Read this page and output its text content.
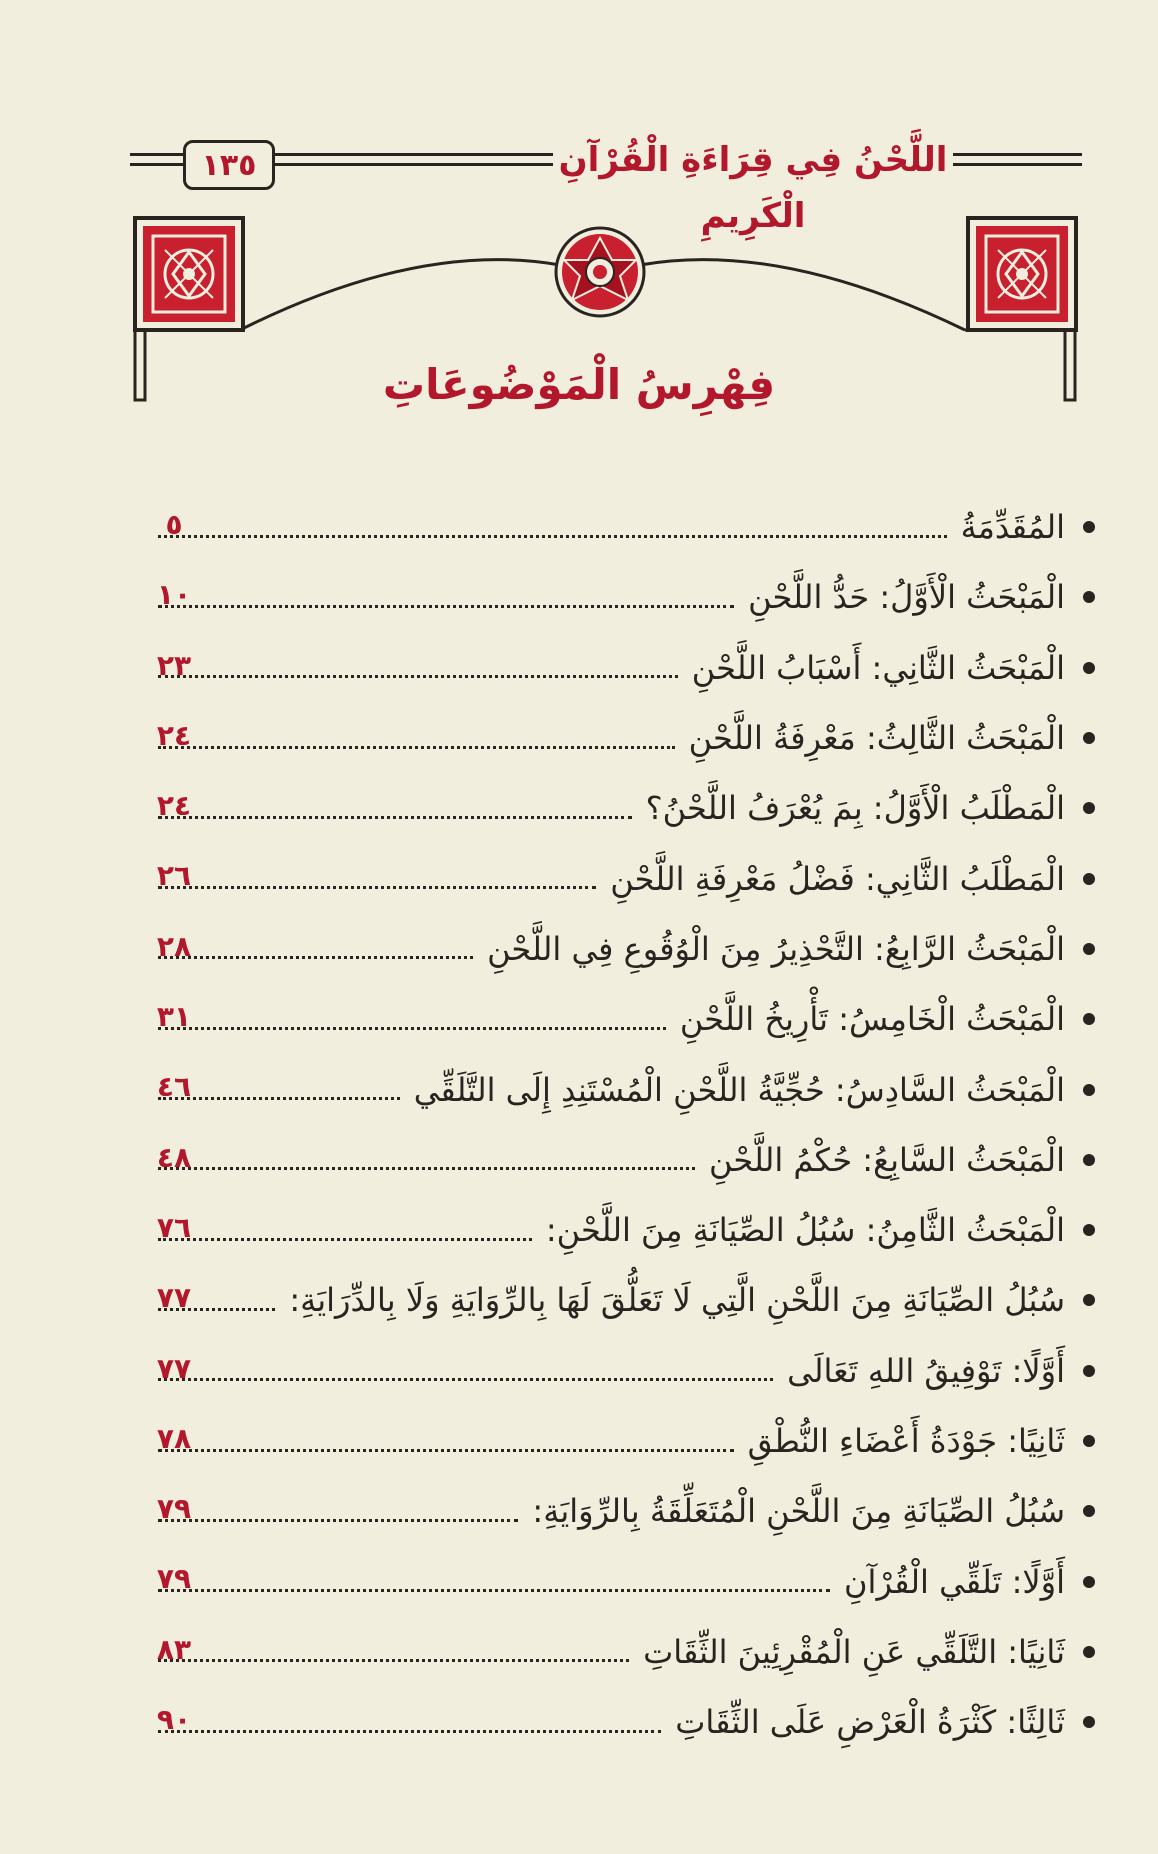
١٣٥	اللَّحْنُ فِي قِرَاءَةِ الْقُرْآنِ الْكَرِيمِ
فِهْرِسُ الْمَوْضُوعَاتِ
المُقَدِّمَةُ
٥
الْمَبْحَثُ الْأَوَّلُ: حَدُّ اللَّحْنِ
١٠
الْمَبْحَثُ الثَّانِي: أَسْبَابُ اللَّحْنِ
٢٣
الْمَبْحَثُ الثَّالِثُ: مَعْرِفَةُ اللَّحْنِ
٢٤
الْمَطْلَبُ الْأَوَّلُ: بِمَ يُعْرَفُ اللَّحْنُ؟
٢٤
الْمَطْلَبُ الثَّانِي: فَضْلُ مَعْرِفَةِ اللَّحْنِ
٢٦
الْمَبْحَثُ الرَّابِعُ: التَّحْذِيرُ مِنَ الْوُقُوعِ فِي اللَّحْنِ
٢٨
الْمَبْحَثُ الْخَامِسُ: تَأْرِيخُ اللَّحْنِ
٣١
الْمَبْحَثُ السَّادِسُ: حُجِّيَّةُ اللَّحْنِ الْمُسْتَنِدِ إِلَى التَّلَقِّي
٤٦
الْمَبْحَثُ السَّابِعُ: حُكْمُ اللَّحْنِ
٤٨
الْمَبْحَثُ الثَّامِنُ: سُبُلُ الصِّيَانَةِ مِنَ اللَّحْنِ:
٧٦
سُبُلُ الصِّيَانَةِ مِنَ اللَّحْنِ الَّتِي لَا تَعَلُّقَ لَهَا بِالرِّوَايَةِ وَلَا بِالدِّرَايَةِ:
٧٧
أَوَّلًا: تَوْفِيقُ اللهِ تَعَالَى
٧٧
ثَانِيًا: جَوْدَةُ أَعْضَاءِ النُّطْقِ
٧٨
سُبُلُ الصِّيَانَةِ مِنَ اللَّحْنِ الْمُتَعَلِّقَةُ بِالرِّوَايَةِ:
٧٩
أَوَّلًا: تَلَقِّي الْقُرْآنِ
٧٩
ثَانِيًا: التَّلَقِّي عَنِ الْمُقْرِئِينَ الثِّقَاتِ
٨٣
ثَالِثًا: كَثْرَةُ الْعَرْضِ عَلَى الثِّقَاتِ
٩٠
